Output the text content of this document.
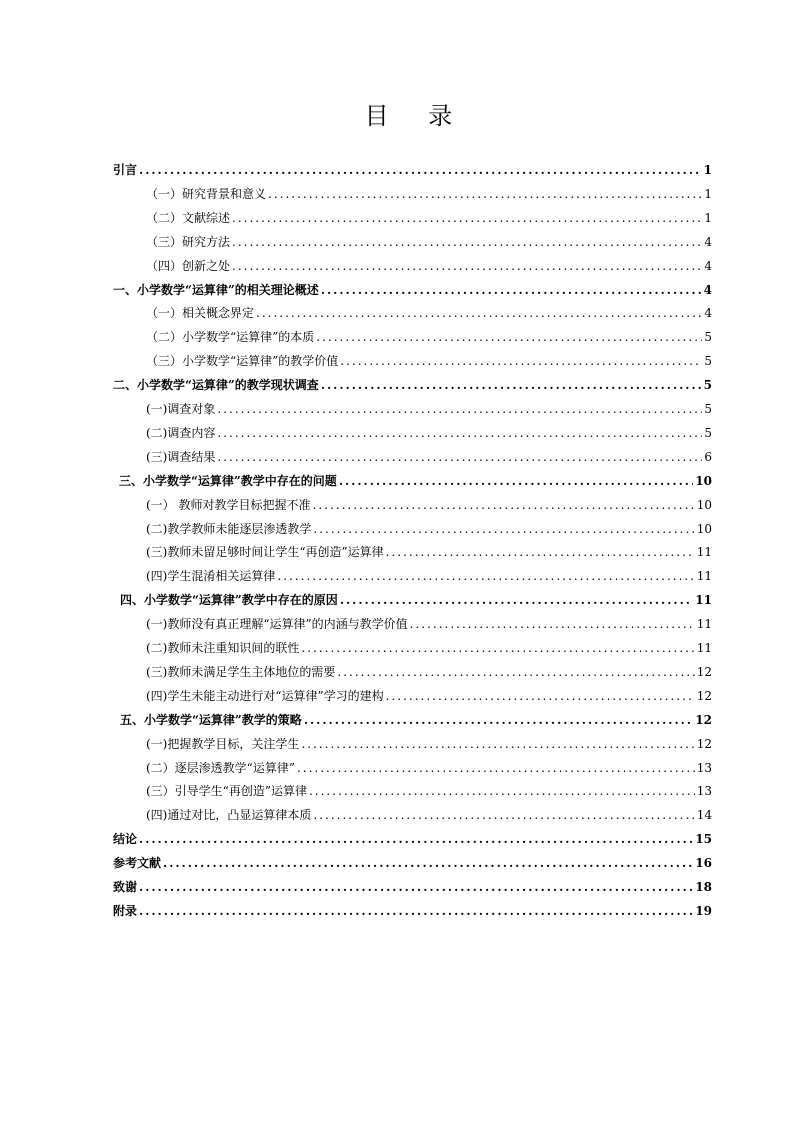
目 录
引言 .....	1
（一）研究背景和意义 .....	1
（二）文献综述 .....	1
（三）研究方法 .....	4
（四）创新之处 .....	4
一、小学数学“运算律”的相关理论概述 .....	4
（一）相关概念界定 .....	4
（二）小学数学“运算律”的本质 .....	5
（三）小学数学“运算律”的教学价值 .....	5
二、小学数学“运算律”的教学现状调查 .....	5
(一)调查对象 .....	5
(二)调查内容 .....	5
(三)调查结果 .....	6
三、小学数学“运算律”教学中存在的问题 .....	10
(一） 教师对教学目标把握不准 .....	10
(二)教学教师未能逐层渗透教学 .....	10
(三)教师未留足够时间让学生“再创造”运算律 .....	11
(四)学生混淆相关运算律 .....	11
四、小学数学“运算律”教学中存在的原因 .....	11
(一)教师没有真正理解“运算律”的内涵与教学价值 .....	11
(二)教师未注重知识间的联性 .....	11
(三)教师未满足学生主体地位的需要 .....	12
(四)学生未能主动进行对“运算律”学习的建构 .....	12
五、小学数学“运算律”教学的策略 .....	12
(一)把握教学目标，关注学生 .....	12
(二）逐层渗透教学“运算律” .....	13
(三）引导学生“再创造”运算律 .....	13
(四)通过对比，凸显运算律本质 .....	14
结论 .....	15
参考文献 .....	16
致谢 .....	18
附录 .....	19
